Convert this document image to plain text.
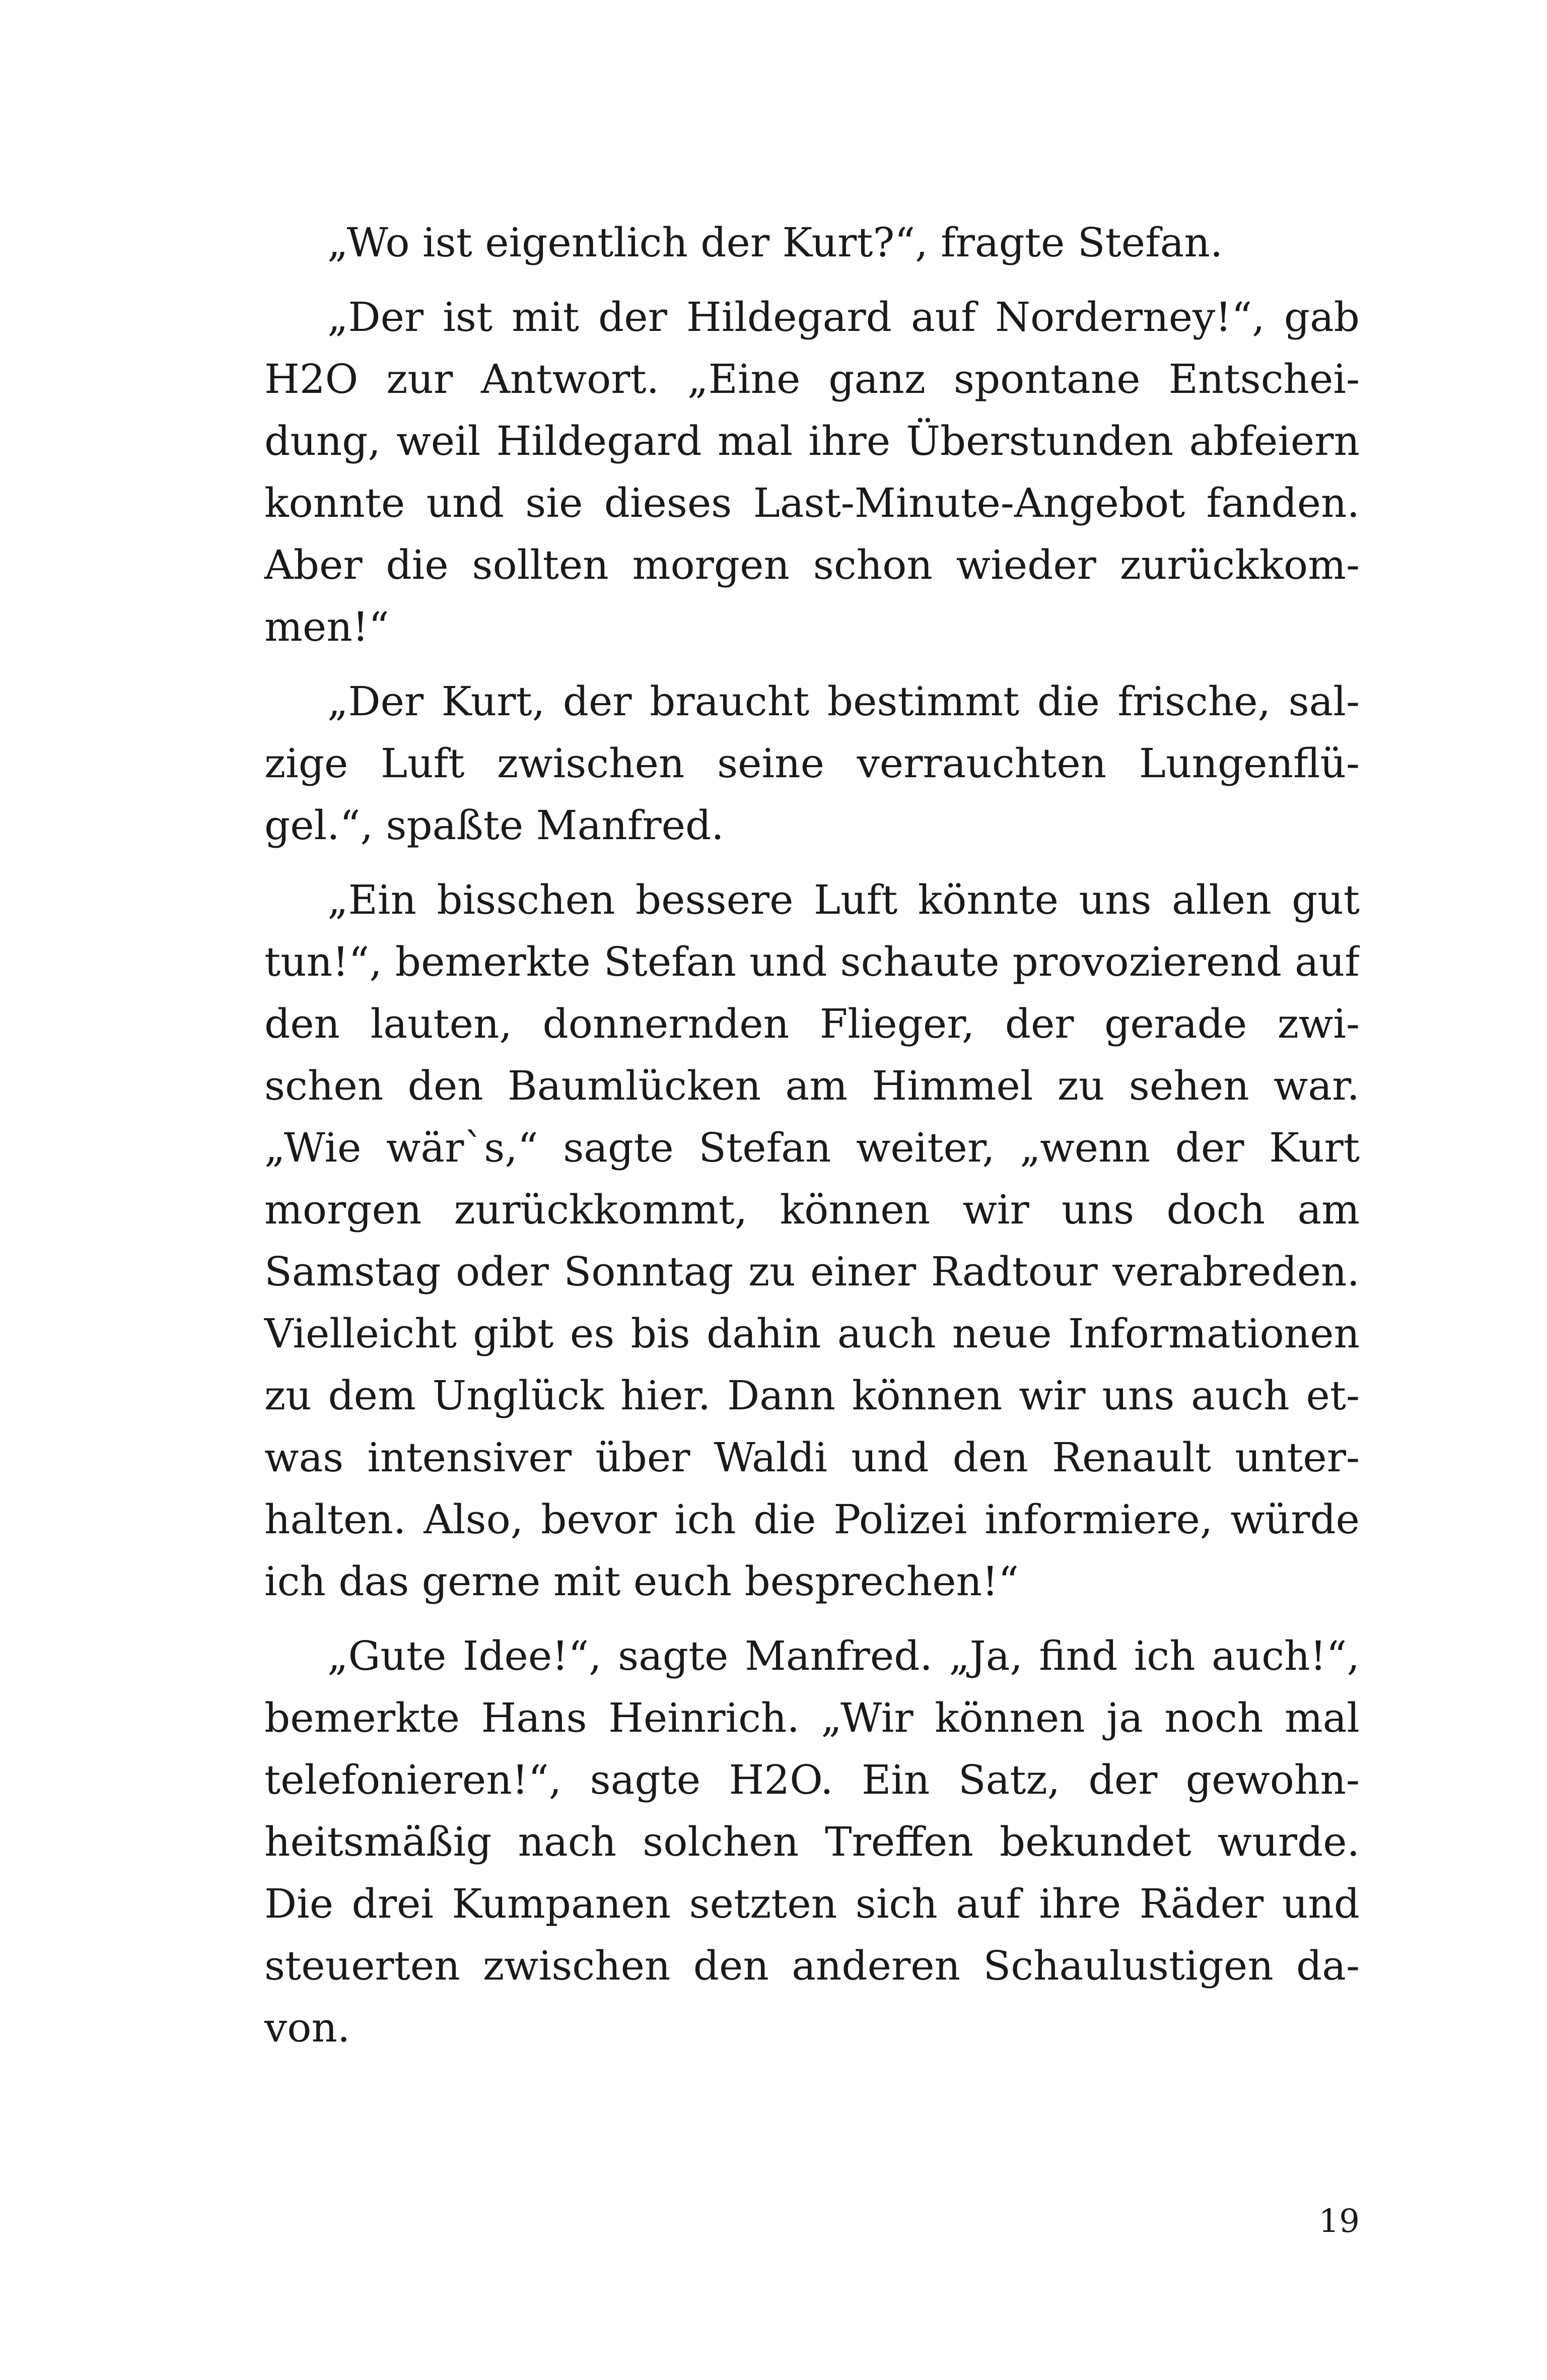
„Wo ist eigentlich der Kurt?“, fragte Stefan.
„Der ist mit der Hildegard auf Norderney!“, gab
H2O zur Antwort. „Eine ganz spontane Entschei-
dung, weil Hildegard mal ihre Überstunden abfeiern
konnte und sie dieses Last-Minute-Angebot fanden.
Aber die sollten morgen schon wieder zurückkom-
men!“
„Der Kurt, der braucht bestimmt die frische, sal-
zige Luft zwischen seine verrauchten Lungenflü-
gel.“, spaßte Manfred.
„Ein bisschen bessere Luft könnte uns allen gut
tun!“, bemerkte Stefan und schaute provozierend auf
den lauten, donnernden Flieger, der gerade zwi-
schen den Baumlücken am Himmel zu sehen war.
„Wie wär`s,“ sagte Stefan weiter, „wenn der Kurt
morgen zurückkommt, können wir uns doch am
Samstag oder Sonntag zu einer Radtour verabreden.
Vielleicht gibt es bis dahin auch neue Informationen
zu dem Unglück hier. Dann können wir uns auch et-
was intensiver über Waldi und den Renault unter-
halten. Also, bevor ich die Polizei informiere, würde
ich das gerne mit euch besprechen!“
„Gute Idee!“, sagte Manfred. „Ja, find ich auch!“,
bemerkte Hans Heinrich. „Wir können ja noch mal
telefonieren!“, sagte H2O. Ein Satz, der gewohn-
heitsmäßig nach solchen Treffen bekundet wurde.
Die drei Kumpanen setzten sich auf ihre Räder und
steuerten zwischen den anderen Schaulustigen da-
von.
19
